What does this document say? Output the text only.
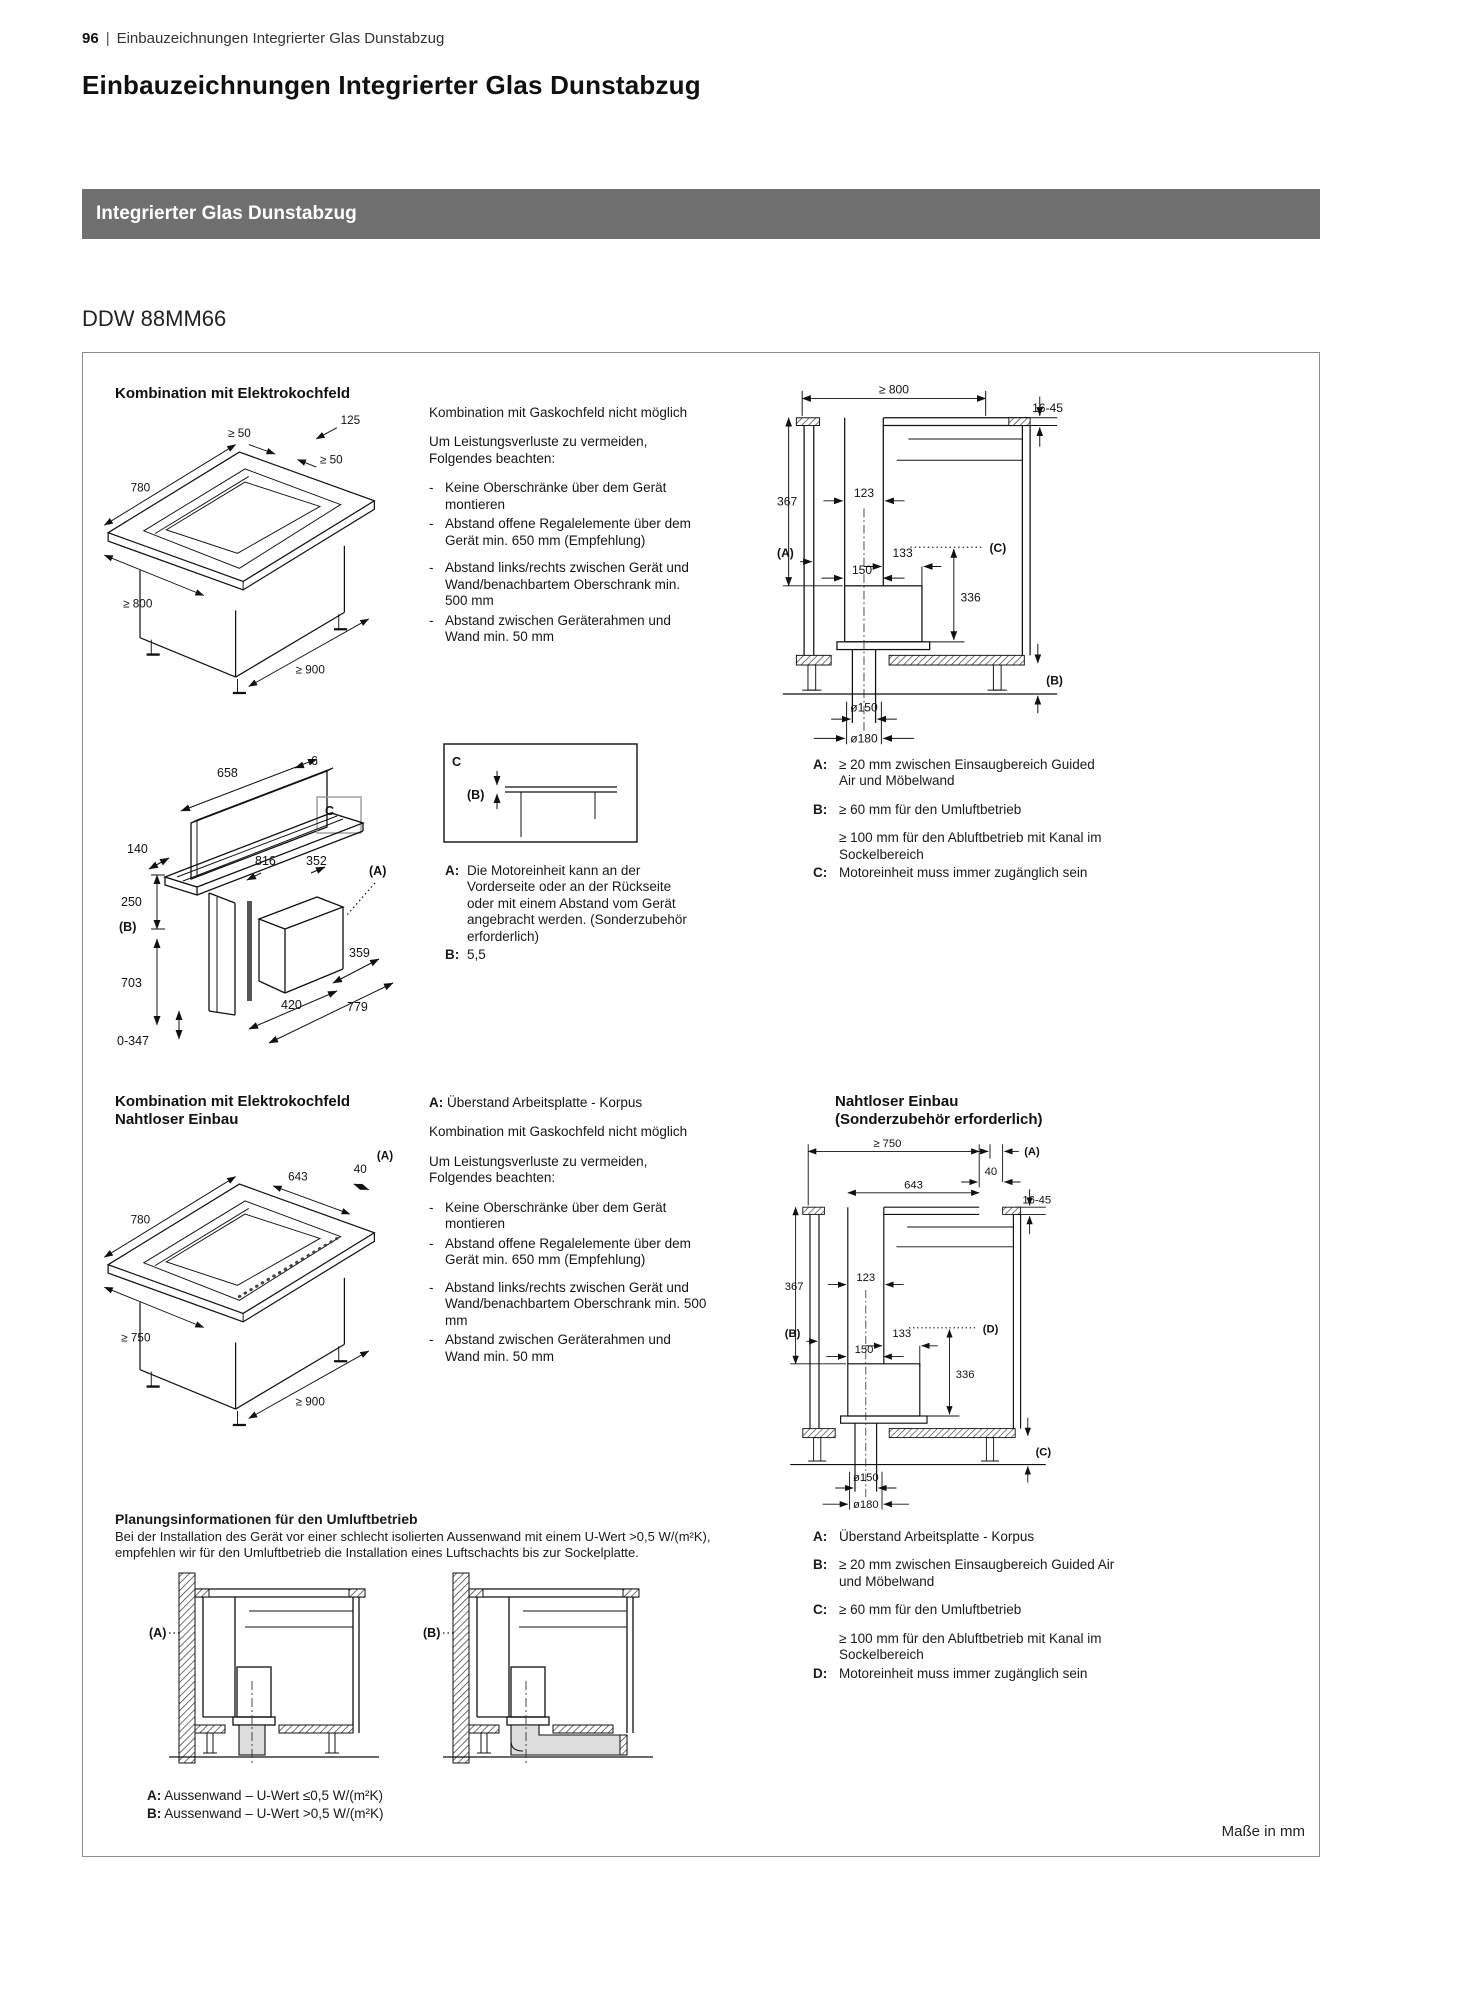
96 | Einbauzeichnungen Integrierter Glas Dunstabzug
Einbauzeichnungen Integrierter Glas Dunstabzug
Integrierter Glas Dunstabzug
DDW 88MM66
Kombination mit Elektrokochfeld
780
≥ 50
125
≥ 50
≥ 800
≥ 900

Kombination mit Gaskochfeld nicht möglich

Um Leistungsverluste zu vermeiden, Folgendes beachten:

- Keine Oberschränke über dem Gerät montieren
- Abstand offene Regalelemente über dem Gerät min. 650 mm (Empfehlung)
- Abstand links/rechts zwischen Gerät und Wand/benachbartem Oberschrank min. 500 mm
- Abstand zwischen Geräterahmen und Wand min. 50 mm
≥ 800
16-45
367
123
133	(C)
336
(A)
150
(B)
ø150
ø180
A: ≥ 20 mm zwischen Einsaugbereich Guided Air und Möbelwand
B: ≥ 60 mm für den Umluftbetrieb
≥ 100 mm für den Abluftbetrieb mit Kanal im Sockelbereich
C: Motoreinheit muss immer zugänglich sein
6
658
C
140
250
(B)
703
0-347
816 352
(A)
359
420	779
C
(B)
A: Die Motoreinheit kann an der Vorderseite oder an der Rückseite oder mit einem Abstand vom Gerät angebracht werden. (Sonderzubehör erforderlich)
B: 5,5
Kombination mit Elektrokochfeld
Nahtloser Einbau
780
643
40
(A)
≥ 750
≥ 900

A: Überstand Arbeitsplatte - Korpus

Kombination mit Gaskochfeld nicht möglich

Um Leistungsverluste zu vermeiden, Folgendes beachten:

- Keine Oberschränke über dem Gerät montieren
- Abstand offene Regalelemente über dem Gerät min. 650 mm (Empfehlung)
- Abstand links/rechts zwischen Gerät und Wand/benachbartem Oberschrank min. 500 mm
- Abstand zwischen Geräterahmen und Wand min. 50 mm
Nahtloser Einbau
(Sonderzubehör erforderlich)
≥ 750
(A)
40
643
16-45
367
123
133	(D)
336
(B)
150
(C)
ø150
ø180
A: Überstand Arbeitsplatte - Korpus
B: ≥ 20 mm zwischen Einsaugbereich Guided Air und Möbelwand
C: ≥ 60 mm für den Umluftbetrieb
≥ 100 mm für den Abluftbetrieb mit Kanal im Sockelbereich
D: Motoreinheit muss immer zugänglich sein
Planungsinformationen für den Umluftbetrieb
Bei der Installation des Gerät vor einer schlecht isolierten Aussenwand mit einem U-Wert >0,5 W/(m²K), empfehlen wir für den Umluftbetrieb die Installation eines Luftschachts bis zur Sockelplatte.
(A)	(B)
A: Aussenwand – U-Wert ≤0,5 W/(m²K)
B: Aussenwand – U-Wert >0,5 W/(m²K)
Maße in mm
